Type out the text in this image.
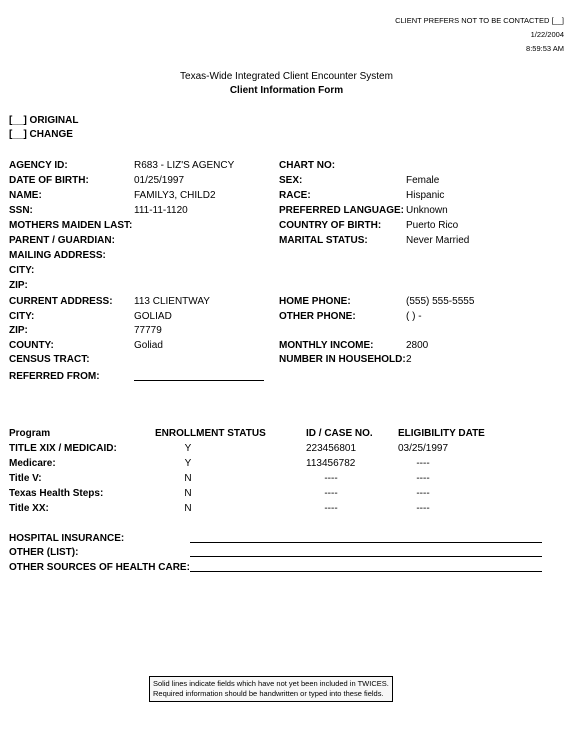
CLIENT PREFERS NOT TO BE CONTACTED [__]
1/22/2004
8:59:53 AM
Texas-Wide Integrated Client Encounter System
Client Information Form
[__] ORIGINAL
[__] CHANGE
AGENCY ID:	R683 - LIZ'S AGENCY
DATE OF BIRTH:	01/25/1997
NAME:	FAMILY3, CHILD2
SSN:	111-11-1120
MOTHERS MAIDEN LAST:
PARENT / GUARDIAN:
MAILING ADDRESS:
CITY:
ZIP:
CURRENT ADDRESS: 113 CLIENTWAY
CITY:	GOLIAD
ZIP:	77779
COUNTY:	Goliad
CENSUS TRACT:
REFERRED FROM:
CHART NO:
SEX:	Female
RACE:	Hispanic
PREFERRED LANGUAGE: Unknown
COUNTRY OF BIRTH: Puerto Rico
MARITAL STATUS:	Never Married
HOME PHONE:	(555) 555-5555
OTHER PHONE:	( ) -
MONTHLY INCOME:	2800
NUMBER IN HOUSEHOLD: 2
Program	ENROLLMENT STATUS	ID / CASE NO.	ELIGIBILITY DATE
TITLE XIX / MEDICAID:	Y	223456801	03/25/1997
Medicare:	Y	113456782	----
Title V:	N	----	----
Texas Health Steps:	N	----	----
Title XX:	N	----	----
HOSPITAL INSURANCE:
OTHER (LIST):
OTHER SOURCES OF HEALTH CARE:
Solid lines indicate fields which have not yet been included in TWICES.
Required information should be handwritten or typed into these fields.
